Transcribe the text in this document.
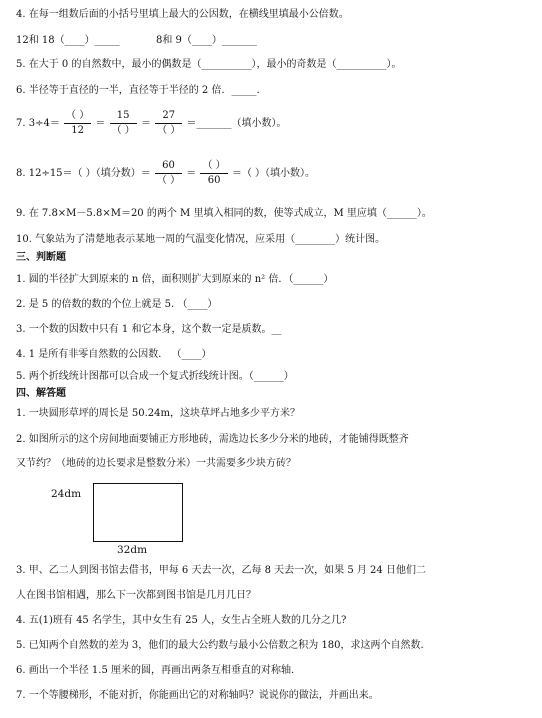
4. 在每一组数后面的小括号里填上最大的公因数，在横线里填最小公倍数。
12和 18（____）_____	8和 9（____）_______
5. 在大于 0 的自然数中，最小的偶数是（__________），最小的奇数是（__________）。
6. 半径等于直径的一半，直径等于半径的 2 倍．_____.
7. $3\div 4= \frac{( )}{12} = \frac{15}{( )} = \frac{27}{( )}$ ＝_______（填小数）。
8. 12÷15＝（ ）（填分数）＝ $\frac{60}{( )} = \frac{( )}{60}$ ＝（ ）（填小数）。
9. 在 7.8×M－5.8×M＝20 的两个 M 里填入相同的数，使等式成立，M 里应填（______）。
10. 气象站为了清楚地表示某地一周的气温变化情况，应采用（________）统计图。
三、判断题
1. 圆的半径扩大到原来的 n 倍，面积则扩大到原来的 n² 倍．（______）
2. 是 5 的倍数的数的个位上就是 5. （____）
3. 一个数的因数中只有 1 和它本身，这个数一定是质数。__
4. 1 是所有非零自然数的公因数． （____）
5. 两个折线统计图都可以合成一个复式折线统计图。（______）
四、解答题
1. 一块圆形草坪的周长是 50.24m，这块草坪占地多少平方米？
2. 如图所示的这个房间地面要铺正方形地砖，需选边长多少分米的地砖，才能铺得既整齐
又节约？（地砖的边长要求是整数分米）一共需要多少块方砖？
24dm
32dm
3. 甲、乙二人到图书馆去借书，甲每 6 天去一次，乙每 8 天去一次，如果 5 月 24 日他们二
人在图书馆相遇，那么下一次都到图书馆是几月几日？
4. 五(1)班有 45 名学生，其中女生有 25 人，女生占全班人数的几分之几?
5. 已知两个自然数的差为 3，他们的最大公约数与最小公倍数之积为 180，求这两个自然数.
6. 画出一个半径 1.5 厘米的圆，再画出两条互相垂直的对称轴．
7. 一个等腰梯形，不能对折，你能画出它的对称轴吗？说说你的做法，并画出来。
